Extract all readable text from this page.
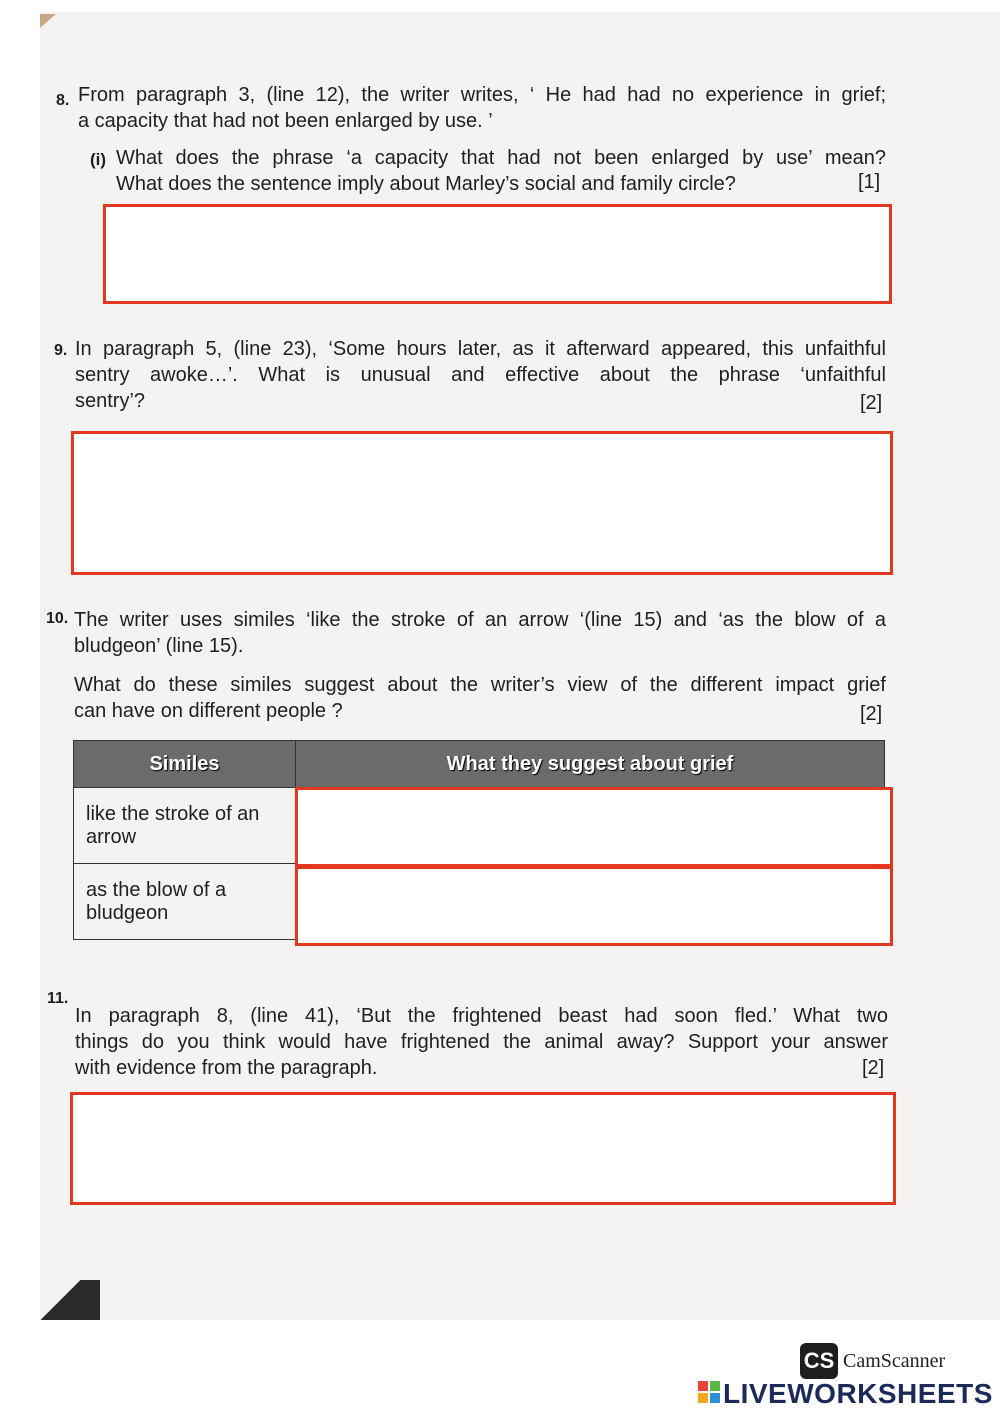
8. From paragraph 3, (line 12), the writer writes, ‘ He had had no experience in grief;
a capacity that had not been enlarged by use. ’
(i) What does the phrase ‘a capacity that had not been enlarged by use’ mean?
What does the sentence imply about Marley’s social and family circle?	[1]
9. In paragraph 5, (line 23), ‘Some hours later, as it afterward appeared, this unfaithful
sentry awoke…’. What is unusual and effective about the phrase ‘unfaithful
sentry’?	[2]
10. The writer uses similes ‘like the stroke of an arrow ‘(line 15) and ‘as the blow of a
bludgeon’ (line 15).
What do these similes suggest about the writer’s view of the different impact grief
can have on different people ?	[2]
Similes	What they suggest about grief
like the stroke of an arrow	
as the blow of a bludgeon	
11.
In paragraph 8, (line 41), ‘But the frightened beast had soon fled.’ What two
things do you think would have frightened the animal away? Support your answer
with evidence from the paragraph.	[2]
CS CamScanner
LIVEWORKSHEETS
